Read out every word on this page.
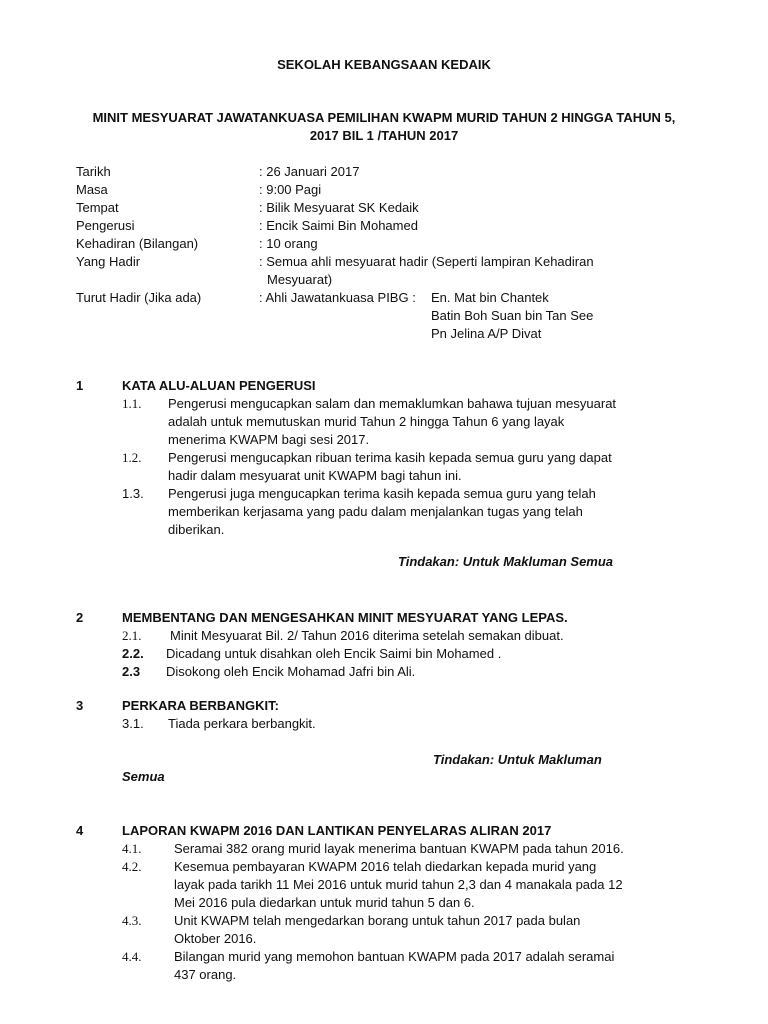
SEKOLAH KEBANGSAAN KEDAIK
MINIT MESYUARAT JAWATANKUASA PEMILIHAN KWAPM MURID TAHUN 2 HINGGA TAHUN 5,
2017 BIL 1 /TAHUN 2017
Tarikh	: 26 Januari 2017
Masa	: 9:00 Pagi
Tempat	: Bilik Mesyuarat SK Kedaik
Pengerusi	: Encik Saimi Bin Mohamed
Kehadiran (Bilangan)	: 10 orang
Yang Hadir	: Semua ahli mesyuarat hadir (Seperti lampiran Kehadiran
Mesyuarat)
Turut Hadir (Jika ada)	: Ahli Jawatankuasa PIBG : En. Mat bin Chantek
Batin Boh Suan bin Tan See
Pn Jelina A/P Divat
1	KATA ALU-ALUAN PENGERUSI
1.1. Pengerusi mengucapkan salam dan memaklumkan bahawa tujuan mesyuarat
adalah untuk memutuskan murid Tahun 2 hingga Tahun 6 yang layak
menerima KWAPM bagi sesi 2017.
1.2. Pengerusi mengucapkan ribuan terima kasih kepada semua guru yang dapat
hadir dalam mesyuarat unit KWAPM bagi tahun ini.
1.3. Pengerusi juga mengucapkan terima kasih kepada semua guru yang telah
memberikan kerjasama yang padu dalam menjalankan tugas yang telah
diberikan.
Tindakan: Untuk Makluman Semua
2	MEMBENTANG DAN MENGESAHKAN MINIT MESYUARAT YANG LEPAS.
2.1. Minit Mesyuarat Bil. 2/ Tahun 2016 diterima setelah semakan dibuat.
2.2. Dicadang untuk disahkan oleh Encik Saimi bin Mohamed .
2.3 Disokong oleh Encik Mohamad Jafri bin Ali.
3	PERKARA BERBANGKIT:
3.1. Tiada perkara berbangkit.
Tindakan: Untuk Makluman
Semua
4	LAPORAN KWAPM 2016 DAN LANTIKAN PENYELARAS ALIRAN 2017
4.1.	Seramai 382 orang murid layak menerima bantuan KWAPM pada tahun 2016.
4.2.	Kesemua pembayaran KWAPM 2016 telah diedarkan kepada murid yang
layak pada tarikh 11 Mei 2016 untuk murid tahun 2,3 dan 4 manakala pada 12
Mei 2016 pula diedarkan untuk murid tahun 5 dan 6.
4.3.	Unit KWAPM telah mengedarkan borang untuk tahun 2017 pada bulan
Oktober 2016.
4.4.	Bilangan murid yang memohon bantuan KWAPM pada 2017 adalah seramai
437 orang.
